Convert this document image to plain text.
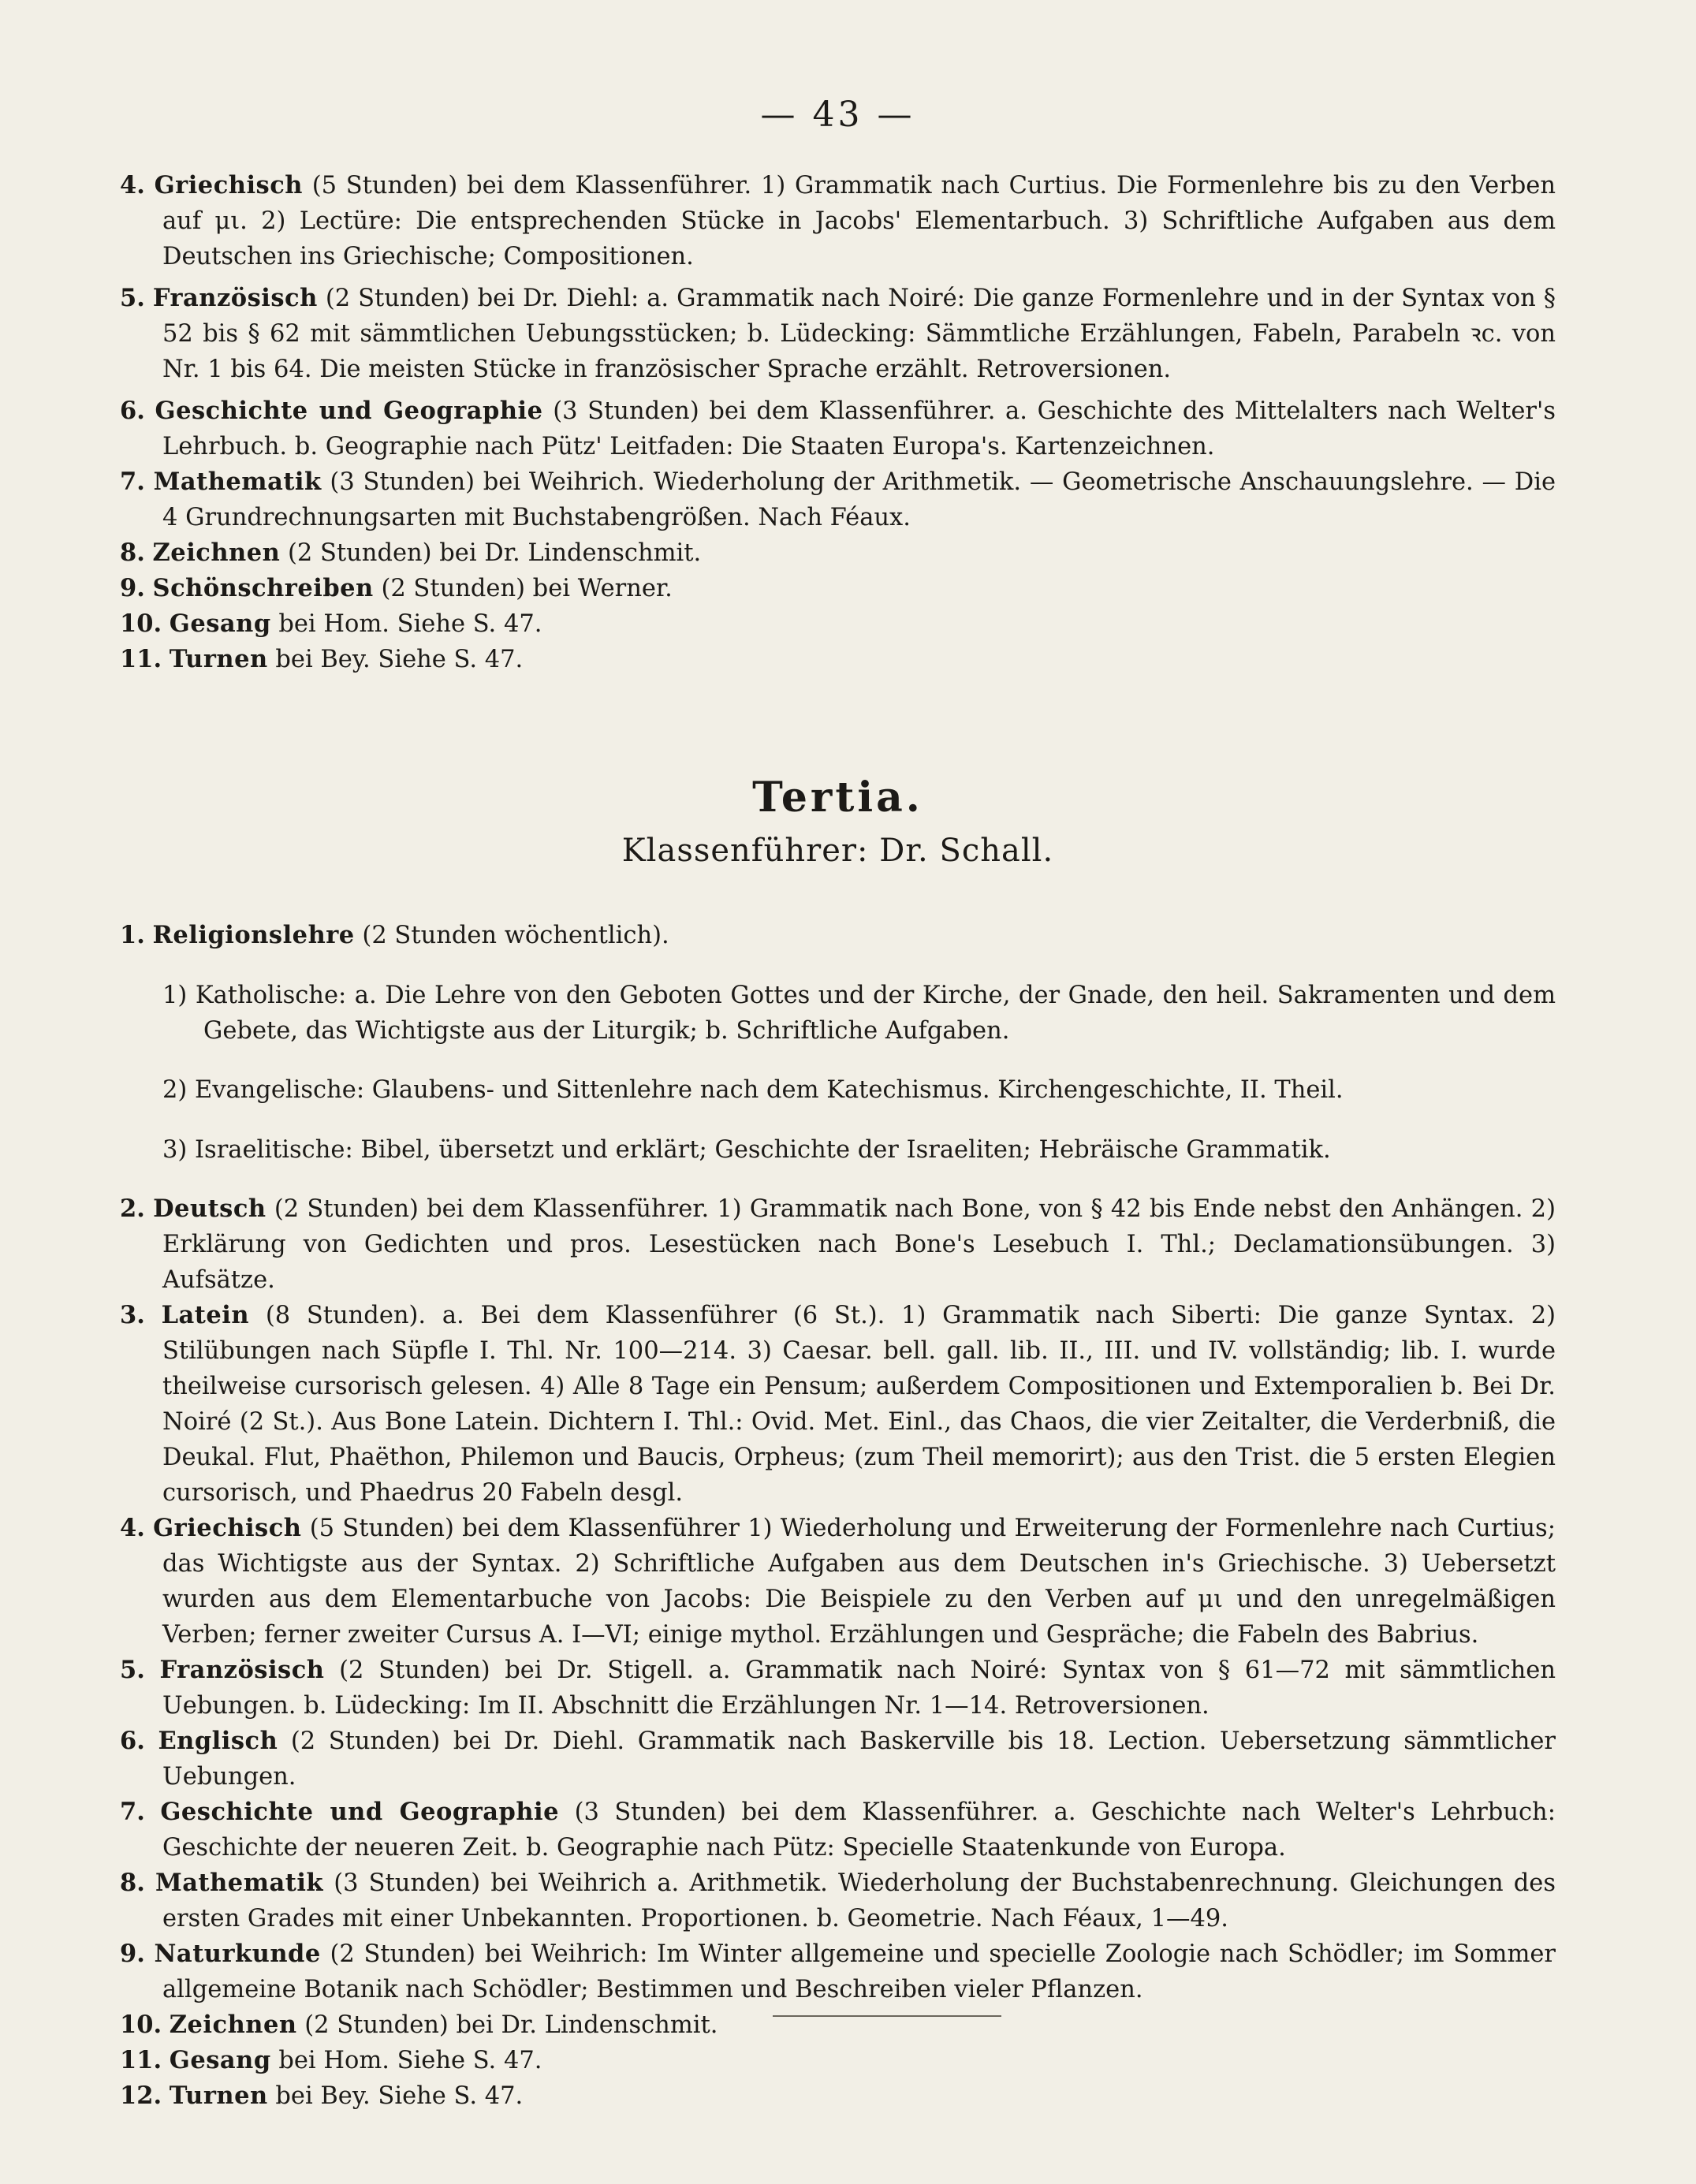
— 43 —

4. Griechisch (5 Stunden) bei dem Klassenführer. 1) Grammatik nach Curtius. Die Formenlehre bis zu den Verben auf μι. 2) Lectüre: Die entsprechenden Stücke in Jacobs' Elementarbuch. 3) Schriftliche Aufgaben aus dem Deutschen ins Griechische; Compositionen.

5. Französisch (2 Stunden) bei Dr. Diehl: a. Grammatik nach Noiré: Die ganze Formenlehre und in der Syntax von § 52 bis § 62 mit sämmtlichen Uebungsstücken; b. Lüdecking: Sämmtliche Erzählungen, Fabeln, Parabeln ꝛc. von Nr. 1 bis 64. Die meisten Stücke in französischer Sprache erzählt. Retroversionen.

6. Geschichte und Geographie (3 Stunden) bei dem Klassenführer. a. Geschichte des Mittelalters nach Welter's Lehrbuch. b. Geographie nach Pütz' Leitfaden: Die Staaten Europa's. Kartenzeichnen.

7. Mathematik (3 Stunden) bei Weihrich. Wiederholung der Arithmetik. — Geometrische Anschauungslehre. — Die 4 Grundrechnungsarten mit Buchstabengrößen. Nach Féaux.

8. Zeichnen (2 Stunden) bei Dr. Lindenschmit.

9. Schönschreiben (2 Stunden) bei Werner.

10. Gesang bei Hom. Siehe S. 47.

11. Turnen bei Bey. Siehe S. 47.

Tertia.
Klassenführer: Dr. Schall.

1. Religionslehre (2 Stunden wöchentlich).

1) Katholische: a. Die Lehre von den Geboten Gottes und der Kirche, der Gnade, den heil. Sakramenten und dem Gebete, das Wichtigste aus der Liturgik; b. Schriftliche Aufgaben.

2) Evangelische: Glaubens- und Sittenlehre nach dem Katechismus. Kirchengeschichte, II. Theil.

3) Israelitische: Bibel, übersetzt und erklärt; Geschichte der Israeliten; Hebräische Grammatik.

2. Deutsch (2 Stunden) bei dem Klassenführer. 1) Grammatik nach Bone, von § 42 bis Ende nebst den Anhängen. 2) Erklärung von Gedichten und pros. Lesestücken nach Bone's Lesebuch I. Thl.; Declamationsübungen. 3) Aufsätze.

3. Latein (8 Stunden). a. Bei dem Klassenführer (6 St.). 1) Grammatik nach Siberti: Die ganze Syntax. 2) Stilübungen nach Süpfle I. Thl. Nr. 100—214. 3) Caesar. bell. gall. lib. II., III. und IV. vollständig; lib. I. wurde theilweise cursorisch gelesen. 4) Alle 8 Tage ein Pensum; außerdem Compositionen und Extemporalien b. Bei Dr. Noiré (2 St.). Aus Bone Latein. Dichtern I. Thl.: Ovid. Met. Einl., das Chaos, die vier Zeitalter, die Verderbniß, die Deukal. Flut, Phaëthon, Philemon und Baucis, Orpheus; (zum Theil memorirt); aus den Trist. die 5 ersten Elegien cursorisch, und Phaedrus 20 Fabeln desgl.

4. Griechisch (5 Stunden) bei dem Klassenführer 1) Wiederholung und Erweiterung der Formenlehre nach Curtius; das Wichtigste aus der Syntax. 2) Schriftliche Aufgaben aus dem Deutschen in's Griechische. 3) Uebersetzt wurden aus dem Elementarbuche von Jacobs: Die Beispiele zu den Verben auf μι und den unregelmäßigen Verben; ferner zweiter Cursus A. I—VI; einige mythol. Erzählungen und Gespräche; die Fabeln des Babrius.

5. Französisch (2 Stunden) bei Dr. Stigell. a. Grammatik nach Noiré: Syntax von § 61—72 mit sämmtlichen Uebungen. b. Lüdecking: Im II. Abschnitt die Erzählungen Nr. 1—14. Retroversionen.

6. Englisch (2 Stunden) bei Dr. Diehl. Grammatik nach Baskerville bis 18. Lection. Uebersetzung sämmtlicher Uebungen.

7. Geschichte und Geographie (3 Stunden) bei dem Klassenführer. a. Geschichte nach Welter's Lehrbuch: Geschichte der neueren Zeit. b. Geographie nach Pütz: Specielle Staatenkunde von Europa.

8. Mathematik (3 Stunden) bei Weihrich a. Arithmetik. Wiederholung der Buchstabenrechnung. Gleichungen des ersten Grades mit einer Unbekannten. Proportionen. b. Geometrie. Nach Féaux, 1—49.

9. Naturkunde (2 Stunden) bei Weihrich: Im Winter allgemeine und specielle Zoologie nach Schödler; im Sommer allgemeine Botanik nach Schödler; Bestimmen und Beschreiben vieler Pflanzen.

10. Zeichnen (2 Stunden) bei Dr. Lindenschmit.

11. Gesang bei Hom. Siehe S. 47.

12. Turnen bei Bey. Siehe S. 47.
